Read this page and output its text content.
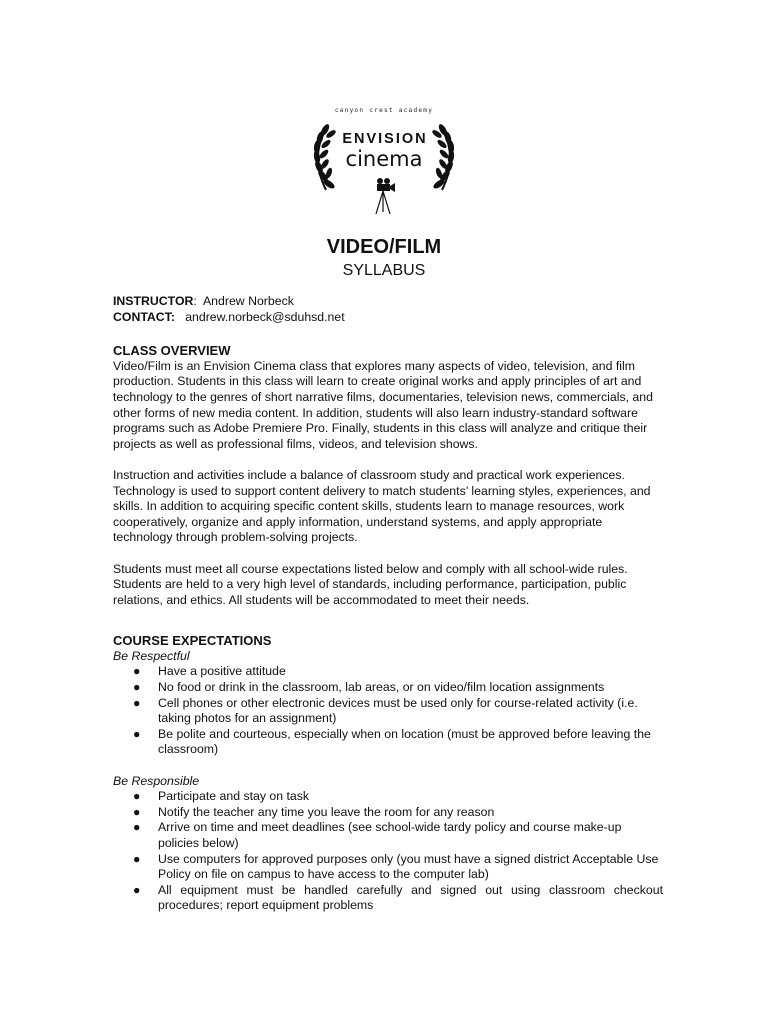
canyon crest academy
ENVISION
cinema
VIDEO/FILM
SYLLABUS

INSTRUCTOR: Andrew Norbeck

CONTACT: andrew.norbeck@sduhsd.net

CLASS OVERVIEW

Video/Film is an Envision Cinema class that explores many aspects of video, television, and film production. Students in this class will learn to create original works and apply principles of art and technology to the genres of short narrative films, documentaries, television news, commercials, and other forms of new media content. In addition, students will also learn industry-standard software programs such as Adobe Premiere Pro. Finally, students in this class will analyze and critique their projects as well as professional films, videos, and television shows.

Instruction and activities include a balance of classroom study and practical work experiences. Technology is used to support content delivery to match students’ learning styles, experiences, and skills. In addition to acquiring specific content skills, students learn to manage resources, work cooperatively, organize and apply information, understand systems, and apply appropriate technology through problem-solving projects.

Students must meet all course expectations listed below and comply with all school-wide rules. Students are held to a very high level of standards, including performance, participation, public relations, and ethics. All students will be accommodated to meet their needs.

COURSE EXPECTATIONS

Be Respectful

● Have a positive attitude
● No food or drink in the classroom, lab areas, or on video/film location assignments
● Cell phones or other electronic devices must be used only for course-related activity (i.e. taking photos for an assignment)
● Be polite and courteous, especially when on location (must be approved before leaving the classroom)

Be Responsible

● Participate and stay on task
● Notify the teacher any time you leave the room for any reason
● Arrive on time and meet deadlines (see school-wide tardy policy and course make-up policies below)
● Use computers for approved purposes only (you must have a signed district Acceptable Use Policy on file on campus to have access to the computer lab)
● All equipment must be handled carefully and signed out using classroom checkout procedures; report equipment problems
